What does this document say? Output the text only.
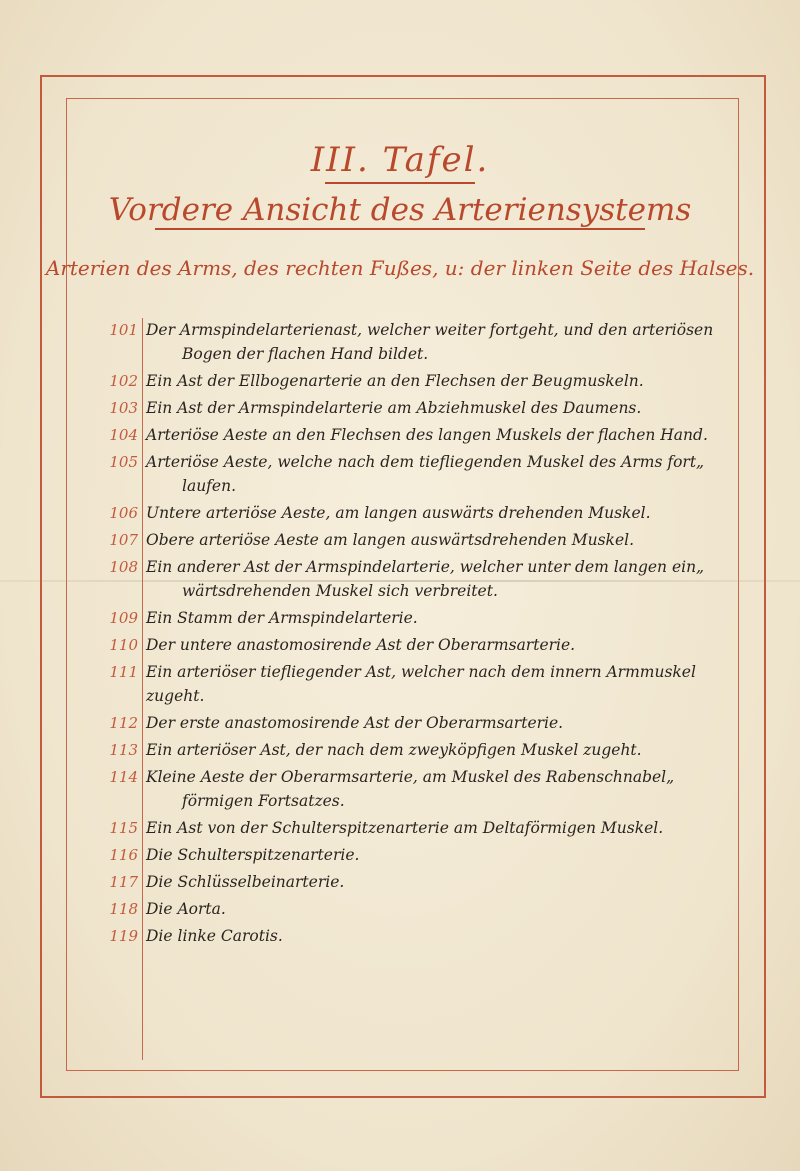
III. Tafel.
Vordere Ansicht des Arteriensystems
Arterien des Arms, des rechten Fußes, u: der linken Seite des Halses.
101 Der Armspindelarterienast, welcher weiter fortgeht, und den arteriösen
Bogen der flachen Hand bildet.
102 Ein Ast der Ellbogenarterie an den Flechsen der Beugmuskeln.
103 Ein Ast der Armspindelarterie am Abziehmuskel des Daumens.
104 Arteriöse Aeste an den Flechsen des langen Muskels der flachen Hand.
105 Arteriöse Aeste, welche nach dem tiefliegenden Muskel des Arms fort„
laufen.
106 Untere arteriöse Aeste, am langen auswärts drehenden Muskel.
107 Obere arteriöse Aeste am langen auswärtsdrehenden Muskel.
108 Ein anderer Ast der Armspindelarterie, welcher unter dem langen ein„
wärtsdrehenden Muskel sich verbreitet.
109 Ein Stamm der Armspindelarterie.
110 Der untere anastomosirende Ast der Oberarmsarterie.
111 Ein arteriöser tiefliegender Ast, welcher nach dem innern Armmuskel zugeht.
112 Der erste anastomosirende Ast der Oberarmsarterie.
113 Ein arteriöser Ast, der nach dem zweyköpfigen Muskel zugeht.
114 Kleine Aeste der Oberarmsarterie, am Muskel des Rabenschnabel„
förmigen Fortsatzes.
115 Ein Ast von der Schulterspitzenarterie am Deltaförmigen Muskel.
116 Die Schulterspitzenarterie.
117 Die Schlüsselbeinarterie.
118 Die Aorta.
119 Die linke Carotis.
